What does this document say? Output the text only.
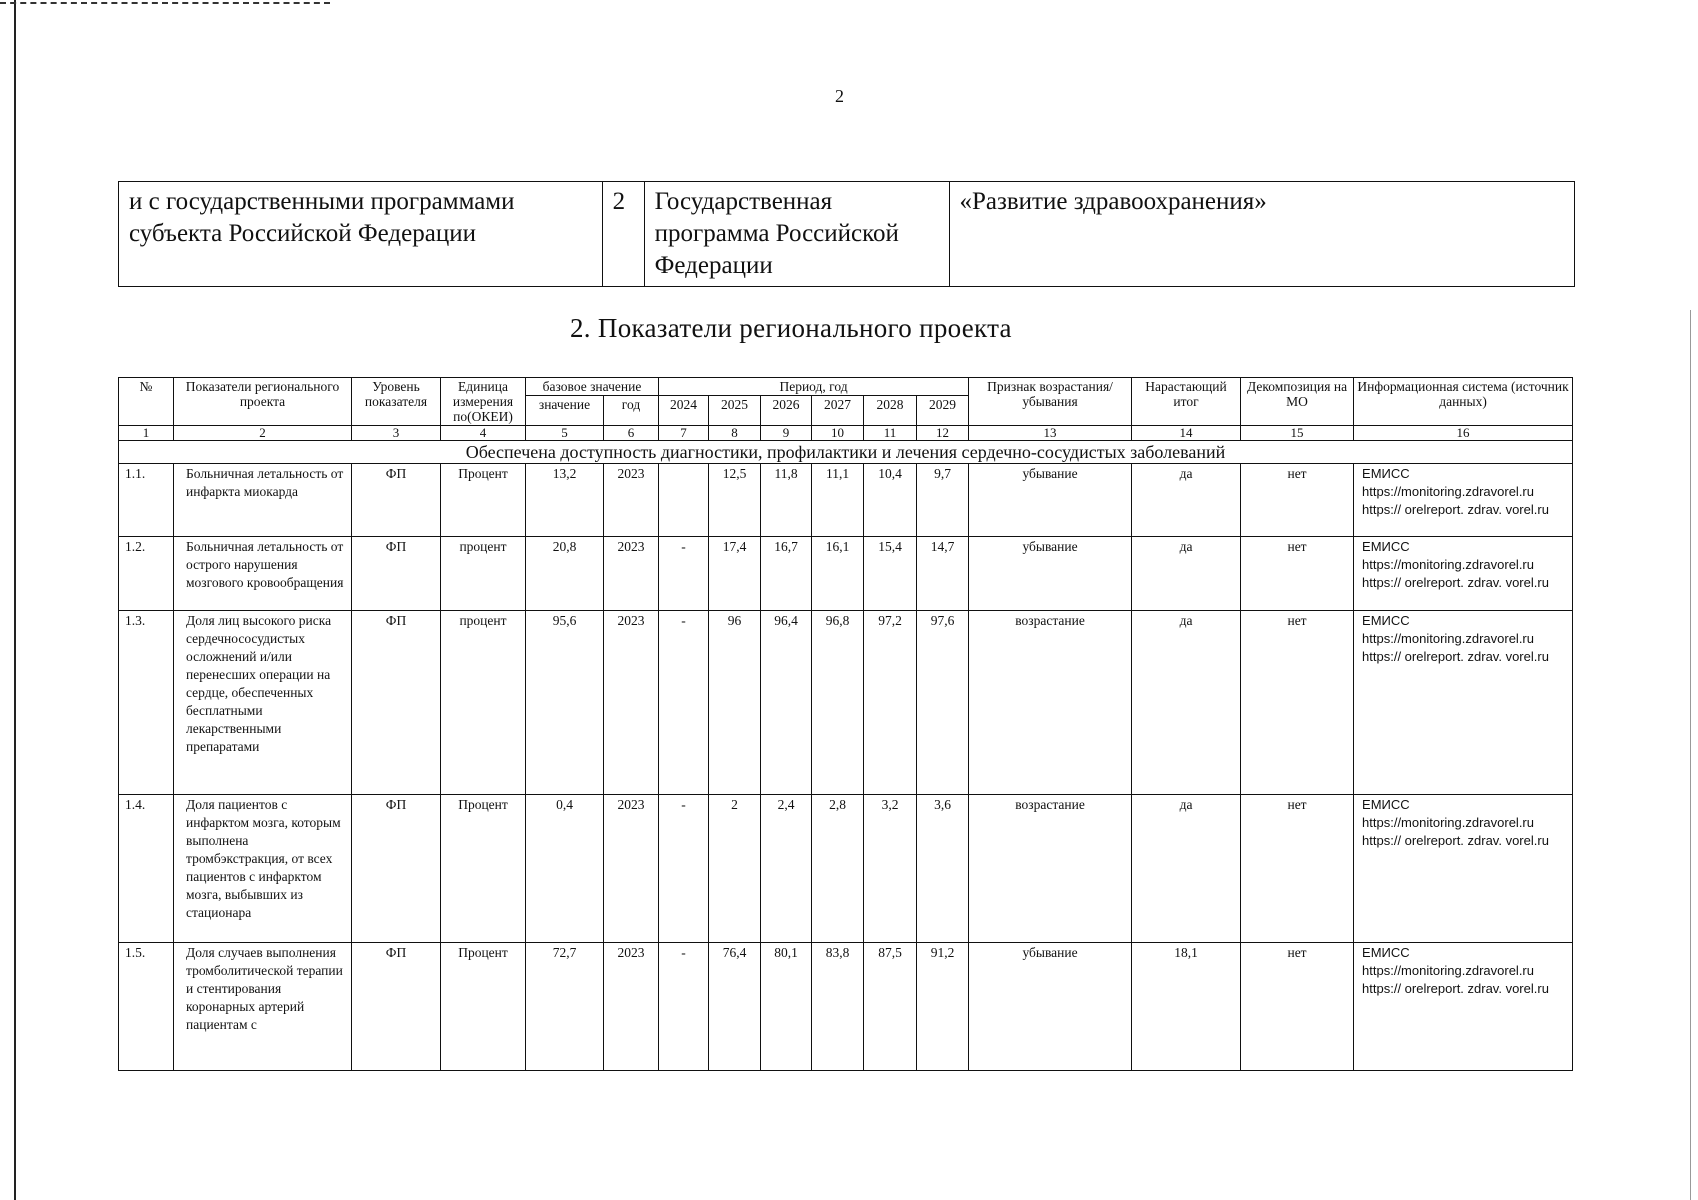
2
и с государственными программами субъекта Российской Федерации	2	Государственная программа Российской Федерации	«Развитие здравоохранения»
2. Показатели регионального проекта
№	Показатели регионального проекта	Уровень показателя	Единица измерения по(ОКЕИ)	базовое значение		Период, год						Признак возрастания/убывания	Нарастающий итог	Декомпозиция на МО	Информационная система (источник данных)

				значение	год	2024	2025	2026	2027	2028	2029				
1	2	3	4	5	6	7	8	9	10	11	12	13	14	15	16
Обеспечена доступность диагностики, профилактики и лечения сердечно-сосудистых заболеваний															
1.1.	Больничная летальность от инфаркта миокарда	ФП	Процент	13,2	2023		12,5	11,8	11,1	10,4	9,7	убывание	да	нет	ЕМИСС https://monitoring.zdravorel.ru https:// orelreport. zdrav. vorel.ru
1.2.	Больничная летальность от острого нарушения мозгового кровообращения	ФП	процент	20,8	2023	-	17,4	16,7	16,1	15,4	14,7	убывание	да	нет	ЕМИСС https://monitoring.zdravorel.ru https:// orelreport. zdrav. vorel.ru
1.3.	Доля лиц высокого риска сердечнососудистых осложнений и/или перенесших операции на сердце, обеспеченных бесплатными лекарственными препаратами	ФП	процент	95,6	2023	-	96	96,4	96,8	97,2	97,6	возрастание	да	нет	ЕМИСС https://monitoring.zdravorel.ru https:// orelreport. zdrav. vorel.ru
1.4.	Доля пациентов с инфарктом мозга, которым выполнена тромбэкстракция, от всех пациентов с инфарктом мозга, выбывших из стационара	ФП	Процент	0,4	2023	-	2	2,4	2,8	3,2	3,6	возрастание	да	нет	ЕМИСС https://monitoring.zdravorel.ru https:// orelreport. zdrav. vorel.ru
1.5.	Доля случаев выполнения тромболитической терапии и стентирования коронарных артерий пациентам с	ФП	Процент	72,7	2023	-	76,4	80,1	83,8	87,5	91,2	убывание	18,1	нет	ЕМИСС https://monitoring.zdravorel.ru https:// orelreport. zdrav. vorel.ru
